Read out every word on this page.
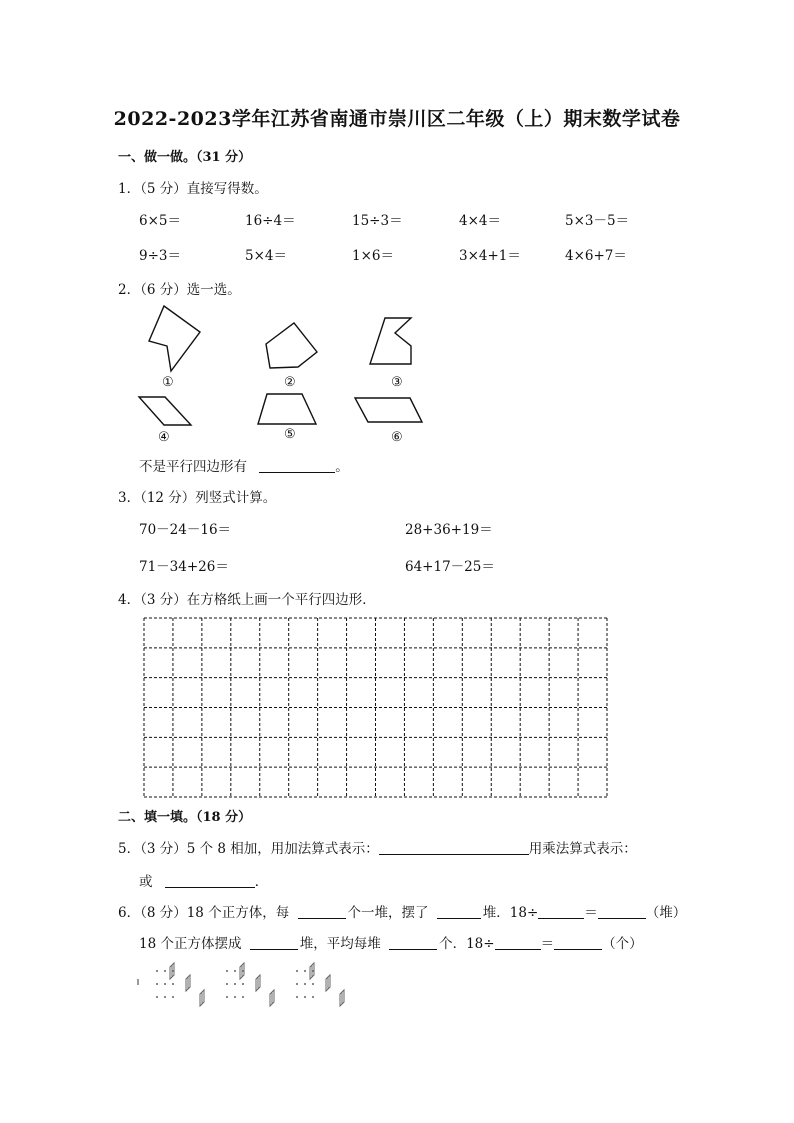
2022-2023学年江苏省南通市崇川区二年级（上）期末数学试卷
一、做一做。（31 分）
1．（5 分）直接写得数。
6×5＝	16÷4＝	15÷3＝	4×4＝	5×3－5＝
9÷3＝	5×4＝	1×6＝	3×4+1＝	4×6+7＝
2．（6 分）选一选。
①	②	③
④	⑤	⑥
不是平行四边形有	。
3．（12 分）列竖式计算。
70－24－16＝	28+36+19＝
71－34+26＝	64+17－25＝
4．（3 分）在方格纸上画一个平行四边形．
二、填一填。（18 分）
5．（3 分）5 个 8 相加，用加法算式表示：	用乘法算式表示：
或	．
6．（8 分）18 个正方体，每	个一堆，摆了	堆．18÷	＝	（堆）
18 个正方体摆成	堆，平均每堆	个．18÷	＝	（个）
